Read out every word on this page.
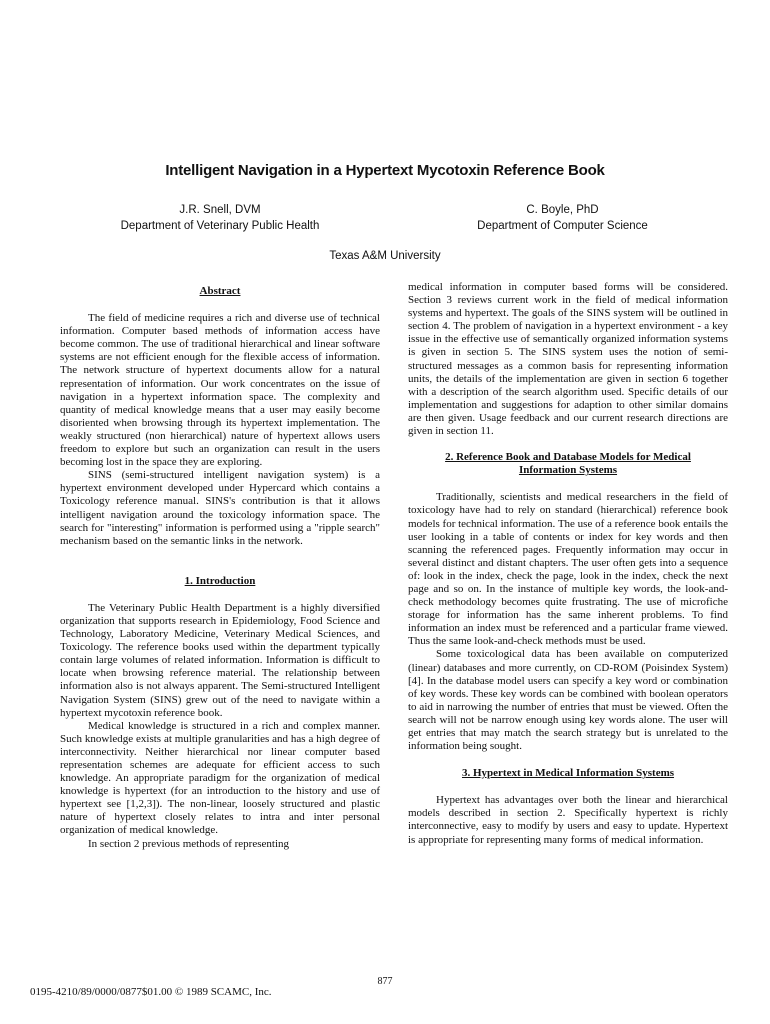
Intelligent Navigation in a Hypertext Mycotoxin Reference Book
J.R. Snell, DVM
Department of Veterinary Public Health
C. Boyle, PhD
Department of Computer Science
Texas A&M University
Abstract

The field of medicine requires a rich and diverse use of technical information. Computer based methods of information access have become common. The use of traditional hierarchical and linear software systems are not efficient enough for the flexible access of information. The network structure of hypertext documents allow for a natural representation of information. Our work concentrates on the issue of navigation in a hypertext information space. The complexity and quantity of medical knowledge means that a user may easily become disoriented when browsing through its hypertext implementation. The weakly structured (non hierarchical) nature of hypertext allows users freedom to explore but such an organization can result in the users becoming lost in the space they are exploring.

SINS (semi-structured intelligent navigation system) is a hypertext environment developed under Hypercard which contains a Toxicology reference manual. SINS's contribution is that it allows intelligent navigation around the toxicology information space. The search for "interesting" information is performed using a "ripple search" mechanism based on the semantic links in the network.

1. Introduction

The Veterinary Public Health Department is a highly diversified organization that supports research in Epidemiology, Food Science and Technology, Laboratory Medicine, Veterinary Medical Sciences, and Toxicology. The reference books used within the department typically contain large volumes of related information. Information is difficult to locate when browsing reference material. The relationship between information also is not always apparent. The Semi-structured Intelligent Navigation System (SINS) grew out of the need to navigate within a hypertext mycotoxin reference book.

Medical knowledge is structured in a rich and complex manner. Such knowledge exists at multiple granularities and has a high degree of interconnectivity. Neither hierarchical nor linear computer based representation schemes are adequate for efficient access to such knowledge. An appropriate paradigm for the organization of medical knowledge is hypertext (for an introduction to the history and use of hypertext see [1,2,3]). The non-linear, loosely structured and plastic nature of hypertext closely relates to intra and inter personal organization of medical knowledge.

In section 2 previous methods of representing

medical information in computer based forms will be considered. Section 3 reviews current work in the field of medical information systems and hypertext. The goals of the SINS system will be outlined in section 4. The problem of navigation in a hypertext environment - a key issue in the effective use of semantically organized information systems is given in section 5. The SINS system uses the notion of semi-structured messages as a common basis for representing information units, the details of the implementation are given in section 6 together with a description of the search algorithm used. Specific details of our implementation and suggestions for adaption to other similar domains are then given. Usage feedback and our current research directions are given in section 11.

2. Reference Book and Database Models for Medical
Information Systems

Traditionally, scientists and medical researchers in the field of toxicology have had to rely on standard (hierarchical) reference book models for technical information. The use of a reference book entails the user looking in a table of contents or index for key words and then scanning the referenced pages. Frequently information may occur in several distinct and distant chapters. The user often gets into a sequence of: look in the index, check the page, look in the index, check the next page and so on. In the instance of multiple key words, the look-and-check methodology becomes quite frustrating. The use of microfiche storage for information has the same inherent problems. To find information an index must be referenced and a particular frame viewed. Thus the same look-and-check methods must be used.

Some toxicological data has been available on computerized (linear) databases and more currently, on CD-ROM (Poisindex System)[4]. In the database model users can specify a key word or combination of key words. These key words can be combined with boolean operators to aid in narrowing the number of entries that must be viewed. Often the search will not be narrow enough using key words alone. The user will get entries that may match the search strategy but is unrelated to the information being sought.

3. Hypertext in Medical Information Systems

Hypertext has advantages over both the linear and hierarchical models described in section 2. Specifically hypertext is richly interconnective, easy to modify by users and easy to update. Hypertext is appropriate for representing many forms of medical information.

877
0195-4210/89/0000/0877$01.00 © 1989 SCAMC, Inc.
